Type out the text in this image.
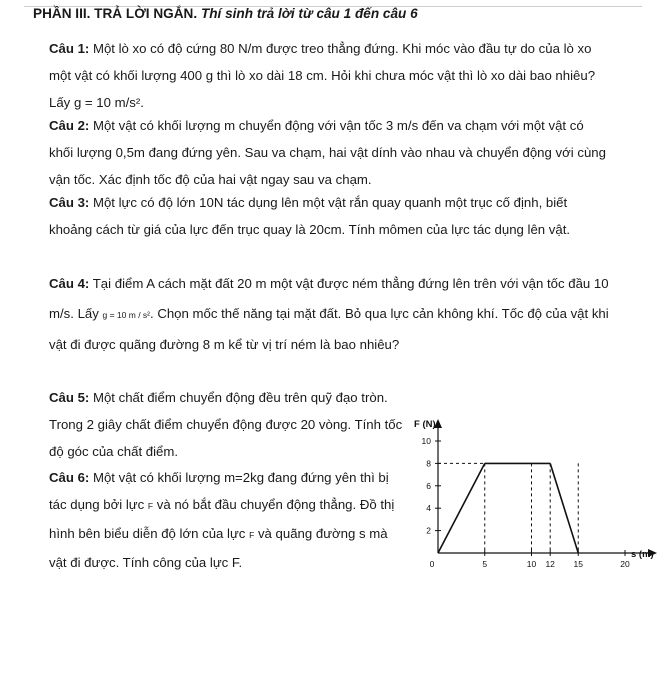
PHẦN III. TRẢ LỜI NGẮN. Thí sinh trả lời từ câu 1 đến câu 6
Câu 1: Một lò xo có độ cứng 80 N/m được treo thẳng đứng. Khi móc vào đầu tự do của lò xo một vật có khối lượng 400 g thì lò xo dài 18 cm. Hỏi khi chưa móc vật thì lò xo dài bao nhiêu? Lấy g = 10 m/s².
Câu 2: Một vật có khối lượng m chuyển động với vận tốc 3 m/s đến va chạm với một vật có khối lượng 0,5m đang đứng yên. Sau va chạm, hai vật dính vào nhau và chuyển động với cùng vận tốc. Xác định tốc độ của hai vật ngay sau va chạm.
Câu 3: Một lực có độ lớn 10N tác dụng lên một vật rắn quay quanh một trục cố định, biết khoảng cách từ giá của lực đến trục quay là 20cm. Tính mômen của lực tác dụng lên vật.
Câu 4: Tại điểm A cách mặt đất 20 m một vật được ném thẳng đứng lên trên với vận tốc đầu 10 m/s. Lấy g = 10 m / s². Chọn mốc thế năng tại mặt đất. Bỏ qua lực cản không khí. Tốc độ của vật khi vật đi được quãng đường 8 m kể từ vị trí ném là bao nhiêu?
Câu 5: Một chất điểm chuyển động đều trên quỹ đạo tròn. Trong 2 giây chất điểm chuyển động được 20 vòng. Tính tốc độ góc của chất điểm.
Câu 6: Một vật có khối lượng m=2kg đang đứng yên thì bị tác dụng bởi lực F và nó bắt đầu chuyển động thẳng. Đồ thị hình bên biểu diễn độ lớn của lực F và quãng đường s mà vật đi được. Tính công của lực F.
F (N)
s (m)
2
4
6
8
10
0	5	10 12 15	20
